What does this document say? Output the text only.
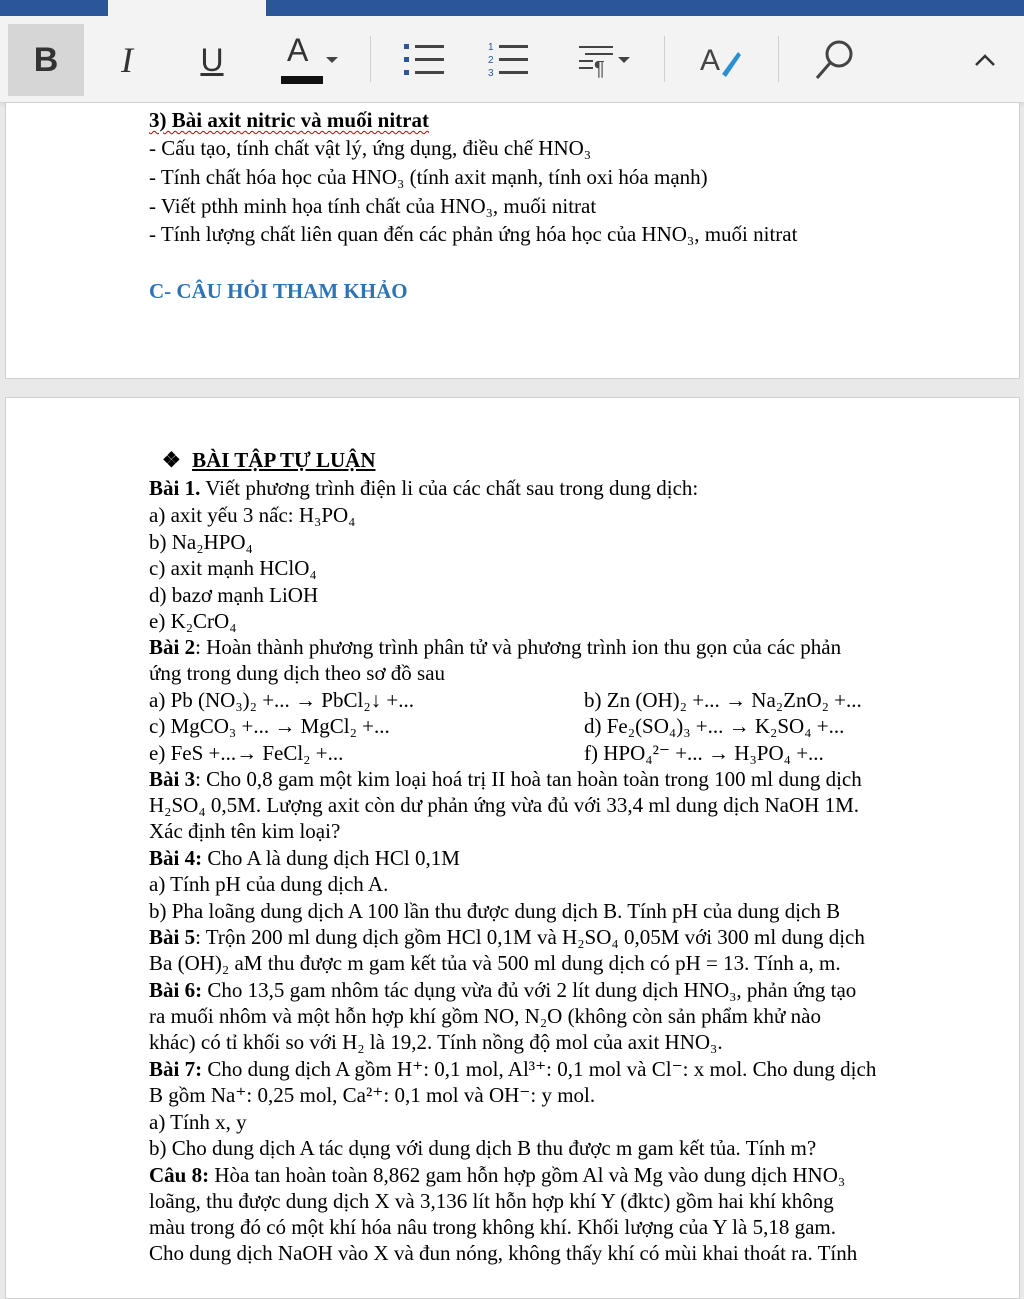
B I U A	1
2
3	¶	A
3) Bài axit nitric và muối nitrat
- Cấu tạo, tính chất vật lý, ứng dụng, điều chế HNO₃
- Tính chất hóa học của HNO₃ (tính axit mạnh, tính oxi hóa mạnh)
- Viết pthh minh họa tính chất của HNO₃, muối nitrat
- Tính lượng chất liên quan đến các phản ứng hóa học của HNO₃, muối nitrat
C- CÂU HỎI THAM KHẢO
❖ BÀI TẬP TỰ LUẬN
Bài 1. Viết phương trình điện li của các chất sau trong dung dịch:
a) axit yếu 3 nấc: H₃PO₄
b) Na₂HPO₄
c) axit mạnh HClO₄
d) bazơ mạnh LiOH
e) K₂CrO₄
Bài 2: Hoàn thành phương trình phân tử và phương trình ion thu gọn của các phản
ứng trong dung dịch theo sơ đồ sau
a) Pb (NO₃)₂ +... → PbCl₂↓ +...	b) Zn (OH)₂ +... → Na₂ZnO₂ +...
c) MgCO₃ +... → MgCl₂ +...	d) Fe₂(SO₄)₃ +... → K₂SO₄ +...
e) FeS +...→ FeCl₂ +...	f) HPO₄²⁻ +... → H₃PO₄ +...
Bài 3: Cho 0,8 gam một kim loại hoá trị II hoà tan hoàn toàn trong 100 ml dung dịch
H₂SO₄ 0,5M. Lượng axit còn dư phản ứng vừa đủ với 33,4 ml dung dịch NaOH 1M.
Xác định tên kim loại?
Bài 4: Cho A là dung dịch HCl 0,1M
a) Tính pH của dung dịch A.
b) Pha loãng dung dịch A 100 lần thu được dung dịch B. Tính pH của dung dịch B
Bài 5: Trộn 200 ml dung dịch gồm HCl 0,1M và H₂SO₄ 0,05M với 300 ml dung dịch
Ba (OH)₂ aM thu được m gam kết tủa và 500 ml dung dịch có pH = 13. Tính a, m.
Bài 6: Cho 13,5 gam nhôm tác dụng vừa đủ với 2 lít dung dịch HNO₃, phản ứng tạo
ra muối nhôm và một hỗn hợp khí gồm NO, N₂O (không còn sản phẩm khử nào
khác) có tỉ khối so với H₂ là 19,2. Tính nồng độ mol của axit HNO₃.
Bài 7: Cho dung dịch A gồm H⁺: 0,1 mol, Al³⁺: 0,1 mol và Cl⁻: x mol. Cho dung dịch
B gồm Na⁺: 0,25 mol, Ca²⁺: 0,1 mol và OH⁻: y mol.
a) Tính x, y
b) Cho dung dịch A tác dụng với dung dịch B thu được m gam kết tủa. Tính m?
Câu 8: Hòa tan hoàn toàn 8,862 gam hỗn hợp gồm Al và Mg vào dung dịch HNO₃
loãng, thu được dung dịch X và 3,136 lít hỗn hợp khí Y (đktc) gồm hai khí không
màu trong đó có một khí hóa nâu trong không khí. Khối lượng của Y là 5,18 gam.
Cho dung dịch NaOH vào X và đun nóng, không thấy khí có mùi khai thoát ra. Tính
